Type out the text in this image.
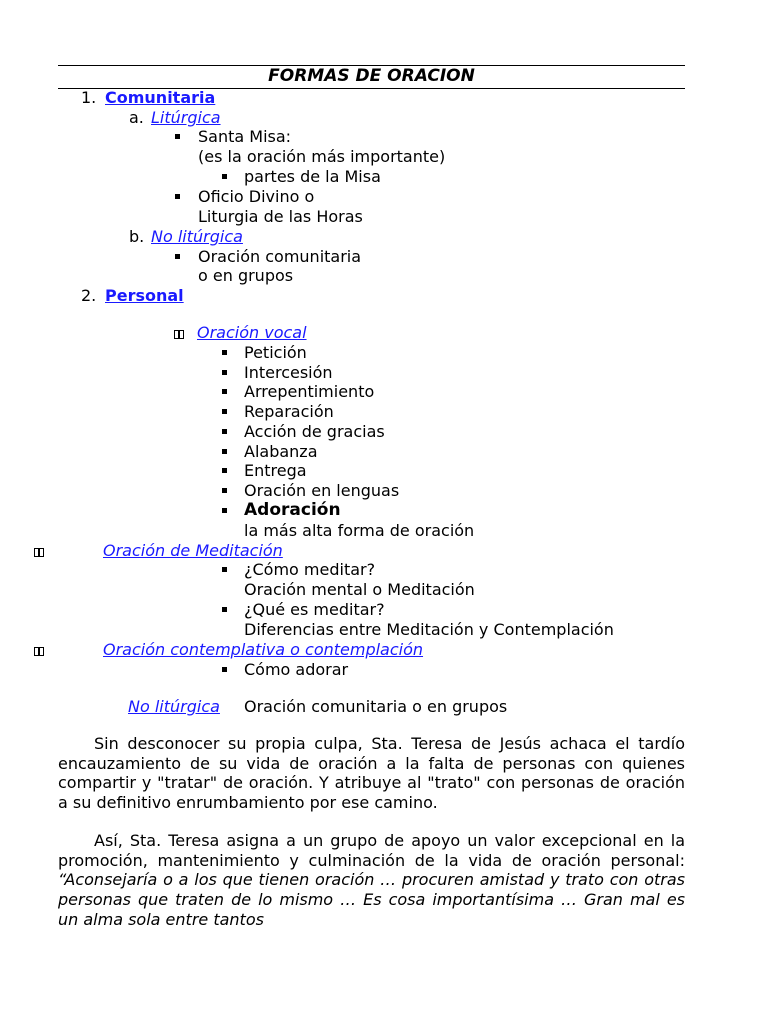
FORMAS DE ORACION
1. Comunitaria
a. Litúrgica
Santa Misa:
(es la oración más importante)
partes de la Misa
Oficio Divino o
Liturgia de las Horas
b. No litúrgica
Oración comunitaria
o en grupos
2. Personal
Oración vocal
Petición
Intercesión
Arrepentimiento
Reparación
Acción de gracias
Alabanza
Entrega
Oración en lenguas
Adoración
la más alta forma de oración
Oración de Meditación
¿Cómo meditar?
Oración mental o Meditación
¿Qué es meditar?
Diferencias entre Meditación y Contemplación
Oración contemplativa o contemplación
Cómo adorar
No litúrgica Oración comunitaria o en grupos

Sin desconocer su propia culpa, Sta. Teresa de Jesús achaca el tardío encauzamiento de su vida de oración a la falta de personas con quienes compartir y "tratar" de oración. Y atribuye al "trato" con personas de oración a su definitivo enrumbamiento por ese camino.

Así, Sta. Teresa asigna a un grupo de apoyo un valor excepcional en la promoción, mantenimiento y culminación de la vida de oración personal: “Aconsejaría o a los que tienen oración … procuren amistad y trato con otras personas que traten de lo mismo … Es cosa importantísima … Gran mal es un alma sola entre tantos
